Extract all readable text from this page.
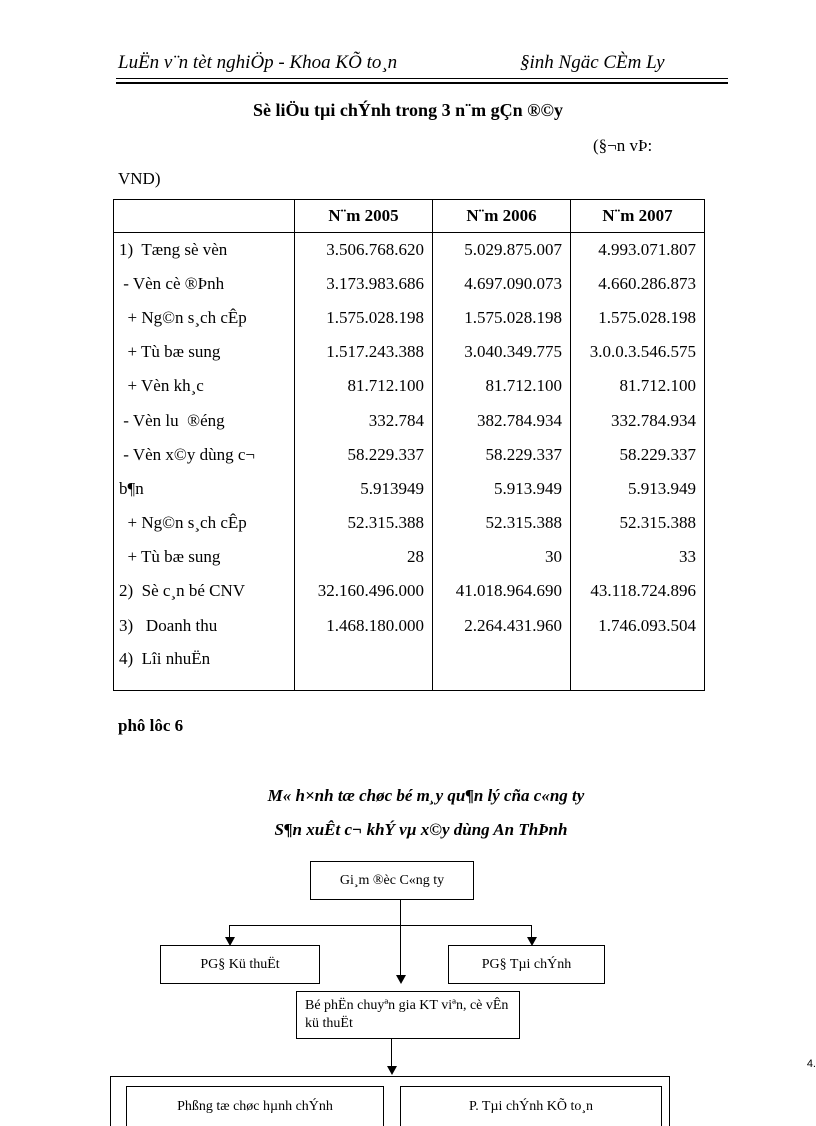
LuËn v¨n tèt nghiÖp - Khoa KÕ to¸n	§inh Ngäc CÈm Ly
Sè liÖu tµi chÝnh trong 3 n¨m gÇn ®©y
(§¬n vÞ:
VND)
	N¨m 2005	N¨m 2006	N¨m 2007
1)  Tæng sè vèn	3.506.768.620	5.029.875.007	4.993.071.807
- Vèn cè ®Þnh	3.173.983.686	4.697.090.073	4.660.286.873
+ Ng©n s¸ch cÊp	1.575.028.198	1.575.028.198	1.575.028.198
+ Tù bæ sung	1.517.243.388	3.040.349.775	3.0.0.3.546.575
+ Vèn kh¸c	81.712.100	81.712.100	81.712.100
- Vèn lu  ®éng	332.784	382.784.934	332.784.934
- Vèn x©y dùng c¬	58.229.337	58.229.337	58.229.337
b¶n	5.913949	5.913.949	5.913.949
+ Ng©n s¸ch cÊp	52.315.388	52.315.388	52.315.388
+ Tù bæ sung	28	30	33
2)  Sè c¸n bé CNV	32.160.496.000	41.018.964.690	43.118.724.896
3)   Doanh thu	1.468.180.000	2.264.431.960	1.746.093.504
4)  Lîi nhuËn			
phô lôc 6
M« h×nh tæ chøc bé m¸y qu¶n lý cña c«ng ty
S¶n xuÊt c¬ khÝ vµ x©y dùng An ThÞnh
Gi¸m ®èc C«ng ty
PG§ Kü thuËt	PG§ Tµi chÝnh
Bé phËn chuyªn gia KT viªn, cè vÊn kü thuËt
Phßng tæ chøc hµnh chÝnh	P. Tµi chÝnh KÕ to¸n
4.
